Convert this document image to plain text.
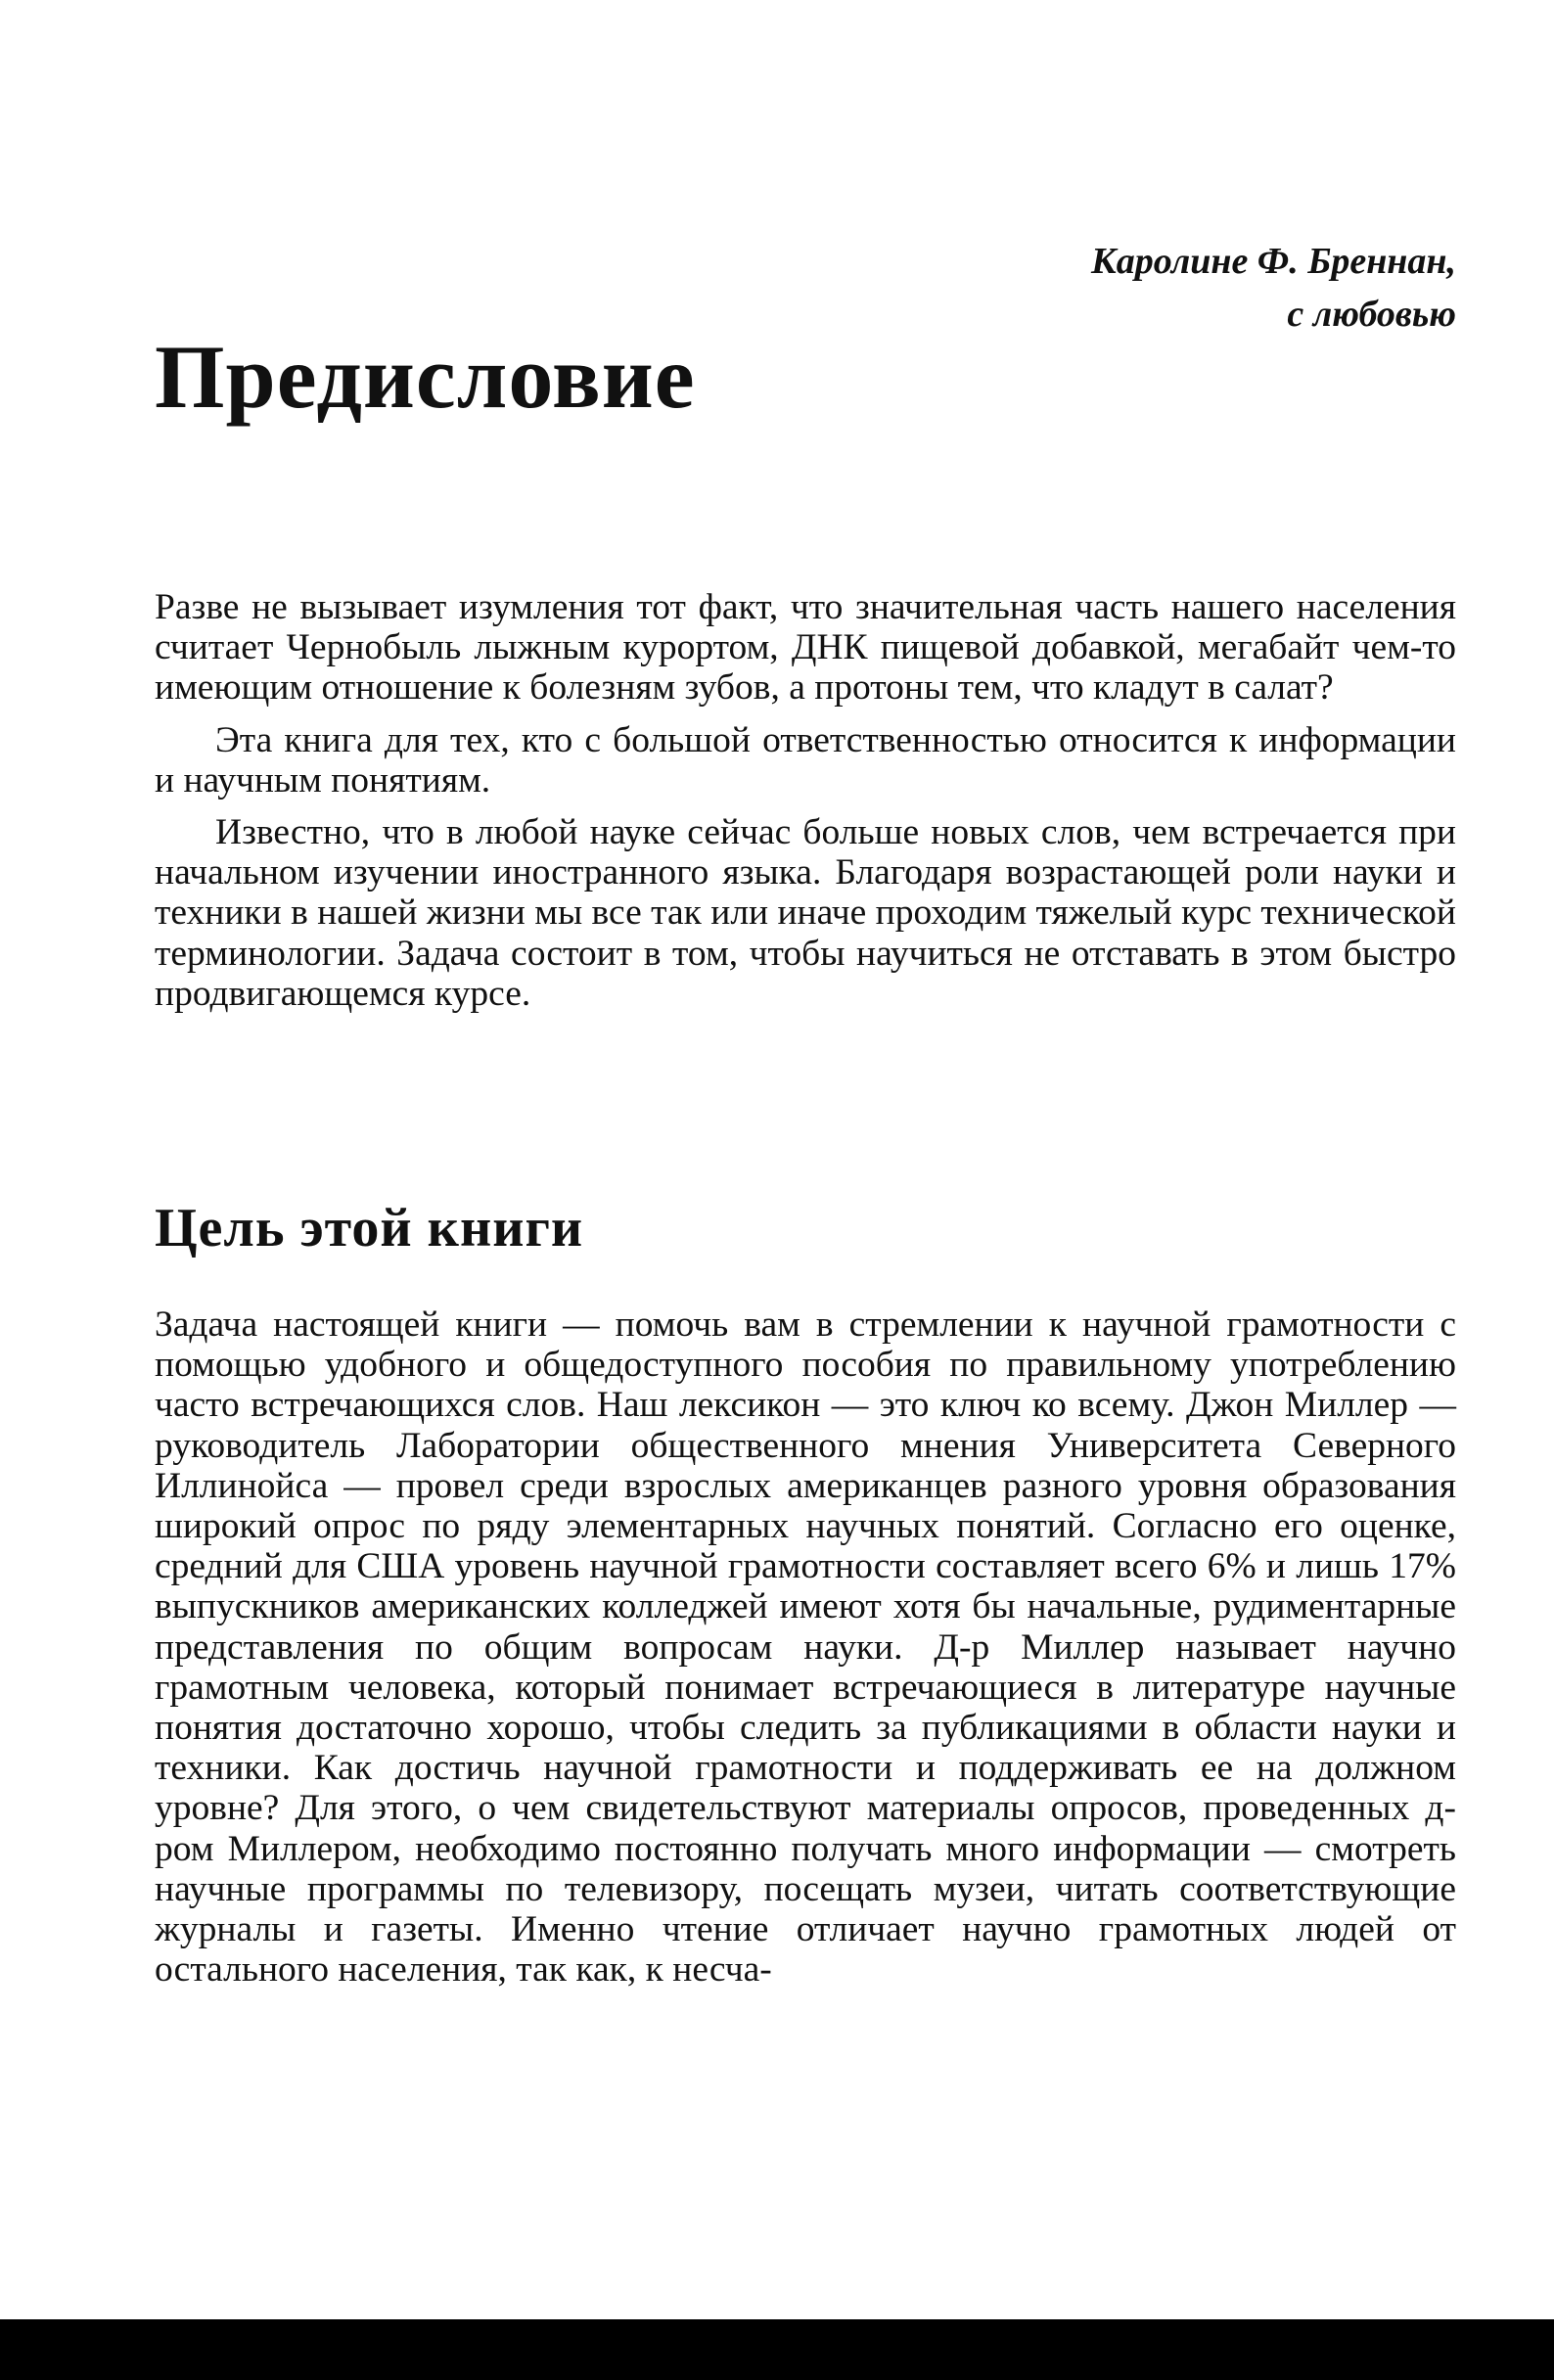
Каролине Ф. Бреннан,
с любовью
Предисловие

Разве не вызывает изумления тот факт, что значительная часть нашего населения считает Чернобыль лыжным курортом, ДНК пищевой добавкой, мегабайт чем-то имеющим отношение к болезням зубов, а протоны тем, что кладут в салат?

Эта книга для тех, кто с большой ответственностью относится к информации и научным понятиям.

Известно, что в любой науке сейчас больше новых слов, чем встречается при начальном изучении иностранного языка. Благодаря возрастающей роли науки и техники в нашей жизни мы все так или иначе проходим тяжелый курс технической терминологии. Задача состоит в том, чтобы научиться не отставать в этом быстро продвигающемся курсе.

Цель этой книги

Задача настоящей книги — помочь вам в стремлении к научной грамотности с помощью удобного и общедоступного пособия по правильному употреблению часто встречающихся слов. Наш лексикон — это ключ ко всему. Джон Миллер — руководитель Лаборатории общественного мнения Университета Северного Иллинойса — провел среди взрослых американцев разного уровня образования широкий опрос по ряду элементарных научных понятий. Согласно его оценке, средний для США уровень научной грамотности составляет всего 6% и лишь 17% выпускников американских колледжей имеют хотя бы начальные, рудиментарные представления по общим вопросам науки. Д-р Миллер называет научно грамотным человека, который понимает встречающиеся в литературе научные понятия достаточно хорошо, чтобы следить за публикациями в области науки и техники. Как достичь научной грамотности и поддерживать ее на должном уровне? Для этого, о чем свидетельствуют материалы опросов, проведенных д-ром Миллером, необходимо постоянно получать много информации — смотреть научные программы по телевизору, посещать музеи, читать соответствующие журналы и газеты. Именно чтение отличает научно грамотных людей от остального населения, так как, к несча-
